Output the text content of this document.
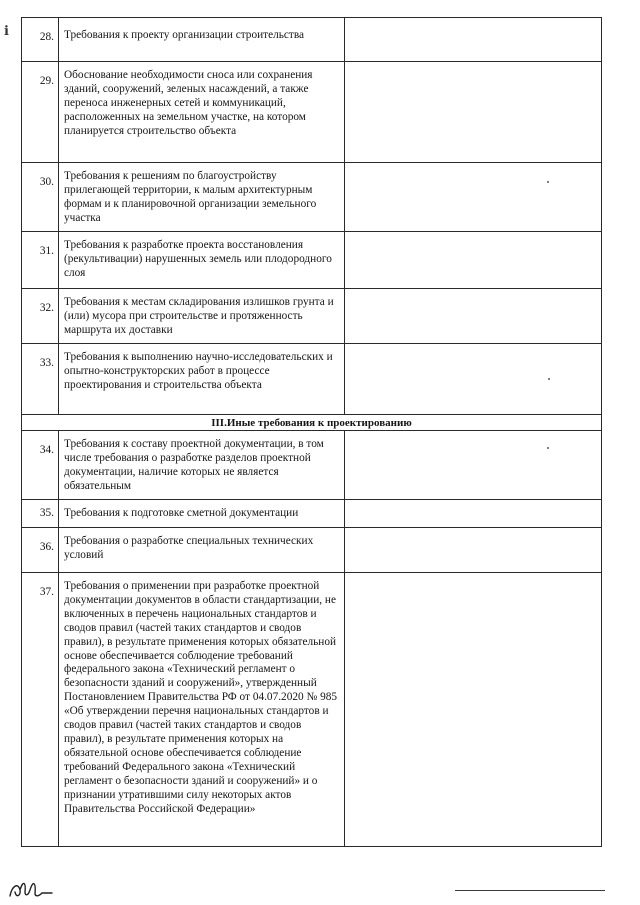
ℹ	28.	Требования к проекту организации строительства	
29.	Обоснование необходимости сноса или сохранения зданий, сооружений, зеленых насаждений, а также переноса инженерных сетей и коммуникаций, расположенных на земельном участке, на котором планируется строительство объекта	
30.	Требования к решениям по благоустройству прилегающей территории, к малым архитектурным формам и к планировочной организации земельного участка	
31.	Требования к разработке проекта восстановления (рекультивации) нарушенных земель или плодородного слоя	
32.	Требования к местам складирования излишков грунта и (или) мусора при строительстве и протяженность маршрута их доставки	
33.	Требования к выполнению научно-исследовательских и опытно-конструкторских работ в процессе проектирования и строительства объекта	
III.Иные требования к проектированию		
34.	Требования к составу проектной документации, в том числе требования о разработке разделов проектной документации, наличие которых не является обязательным	
35.	Требования к подготовке сметной документации	
36.	Требования о разработке специальных технических условий	
37.	Требования о применении при разработке проектной документации документов в области стандартизации, не включенных в перечень национальных стандартов и сводов правил (частей таких стандартов и сводов правил), в результате применения которых обязательной основе обеспечивается соблюдение требований федерального закона «Технический регламент о безопасности зданий и сооружений», утвержденный Постановлением Правительства РФ от 04.07.2020 № 985 «Об утверждении перечня национальных стандартов и сводов правил (частей таких стандартов и сводов правил), в результате применения которых на обязательной основе обеспечивается соблюдение требований Федерального закона «Технический регламент о безопасности зданий и сооружений» и о признании утратившими силу некоторых актов Правительства Российской Федерации»	
